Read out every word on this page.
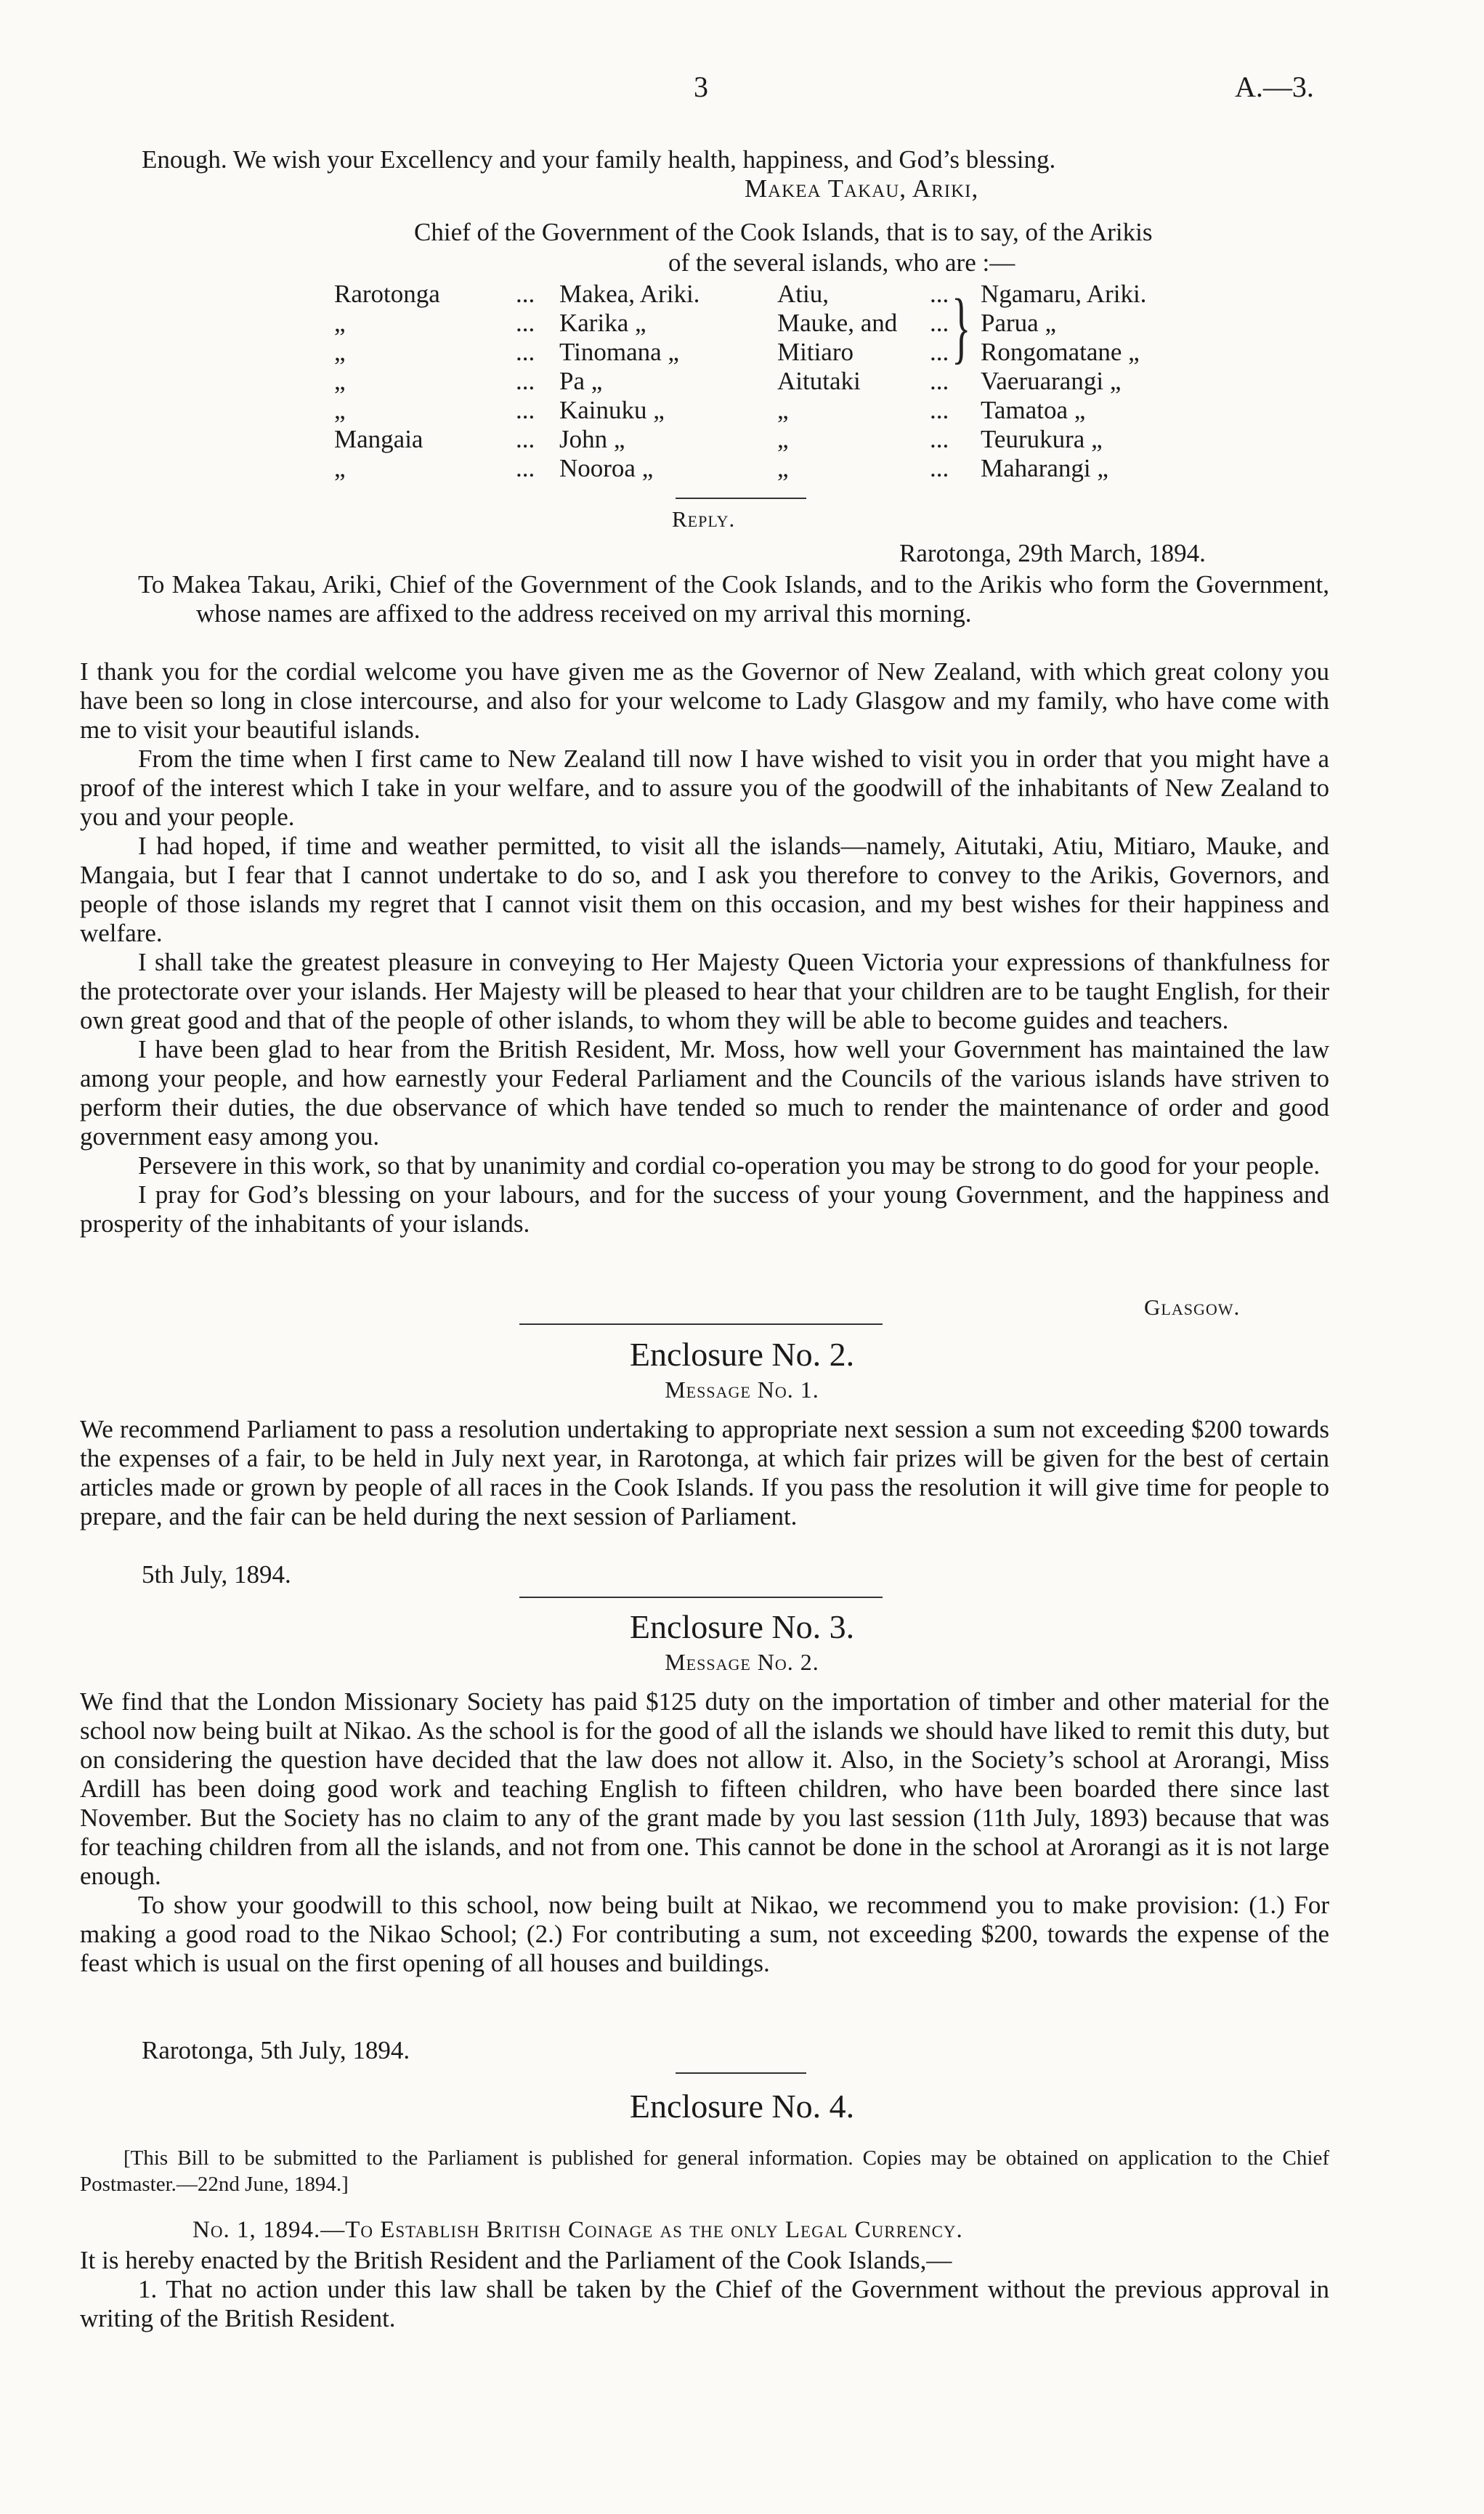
3	A.—3.
Enough. We wish your Excellency and your family health, happiness, and God’s blessing.
Makea Takau, Ariki,
Chief of the Government of the Cook Islands, that is to say, of the Arikis
of the several islands, who are :—
Rarotonga	...	Makea, Ariki.	Atiu,	...	Ngamaru, Ariki.
„	...	Karika „	Mauke, and	...	Parua „
„	...	Tinomana „	Mitiaro	...	Rongomatane „
„	...	Pa „	Aitutaki	...	Vaeruarangi „
„	...	Kainuku „	„	...	Tamatoa „
Mangaia	...	John „	„	...	Teurukura „
„	...	Nooroa „	„	...	Maharangi „
}
Reply.
Rarotonga, 29th March, 1894.

To Makea Takau, Ariki, Chief of the Government of the Cook Islands, and to the Arikis who form the Government, whose names are affixed to the address received on my arrival this morning.

I thank you for the cordial welcome you have given me as the Governor of New Zealand, with which great colony you have been so long in close intercourse, and also for your welcome to Lady Glasgow and my family, who have come with me to visit your beautiful islands.

From the time when I first came to New Zealand till now I have wished to visit you in order that you might have a proof of the interest which I take in your welfare, and to assure you of the goodwill of the inhabitants of New Zealand to you and your people.

I had hoped, if time and weather permitted, to visit all the islands—namely, Aitutaki, Atiu, Mitiaro, Mauke, and Mangaia, but I fear that I cannot undertake to do so, and I ask you therefore to convey to the Arikis, Governors, and people of those islands my regret that I cannot visit them on this occasion, and my best wishes for their happiness and welfare.

I shall take the greatest pleasure in conveying to Her Majesty Queen Victoria your expressions of thankfulness for the protectorate over your islands. Her Majesty will be pleased to hear that your children are to be taught English, for their own great good and that of the people of other islands, to whom they will be able to become guides and teachers.

I have been glad to hear from the British Resident, Mr. Moss, how well your Government has maintained the law among your people, and how earnestly your Federal Parliament and the Councils of the various islands have striven to perform their duties, the due observance of which have tended so much to render the maintenance of order and good government easy among you.

Persevere in this work, so that by unanimity and cordial co-operation you may be strong to do good for your people.

I pray for God’s blessing on your labours, and for the success of your young Government, and the happiness and prosperity of the inhabitants of your islands.

Glasgow.
Enclosure No. 2.
Message No. 1.

We recommend Parliament to pass a resolution undertaking to appropriate next session a sum not exceeding $200 towards the expenses of a fair, to be held in July next year, in Rarotonga, at which fair prizes will be given for the best of certain articles made or grown by people of all races in the Cook Islands. If you pass the resolution it will give time for people to prepare, and the fair can be held during the next session of Parliament.

5th July, 1894.
Enclosure No. 3.
Message No. 2.

We find that the London Missionary Society has paid $125 duty on the importation of timber and other material for the school now being built at Nikao. As the school is for the good of all the islands we should have liked to remit this duty, but on considering the question have decided that the law does not allow it. Also, in the Society’s school at Arorangi, Miss Ardill has been doing good work and teaching English to fifteen children, who have been boarded there since last November. But the Society has no claim to any of the grant made by you last session (11th July, 1893) because that was for teaching children from all the islands, and not from one. This cannot be done in the school at Arorangi as it is not large enough.

To show your goodwill to this school, now being built at Nikao, we recommend you to make provision: (1.) For making a good road to the Nikao School; (2.) For contributing a sum, not exceeding $200, towards the expense of the feast which is usual on the first opening of all houses and buildings.

Rarotonga, 5th July, 1894.
Enclosure No. 4.

[This Bill to be submitted to the Parliament is published for general information. Copies may be obtained on application to the Chief Postmaster.—22nd June, 1894.]

No. 1, 1894.—To Establish British Coinage as the only Legal Currency.

It is hereby enacted by the British Resident and the Parliament of the Cook Islands,—

1. That no action under this law shall be taken by the Chief of the Government without the previous approval in writing of the British Resident.
